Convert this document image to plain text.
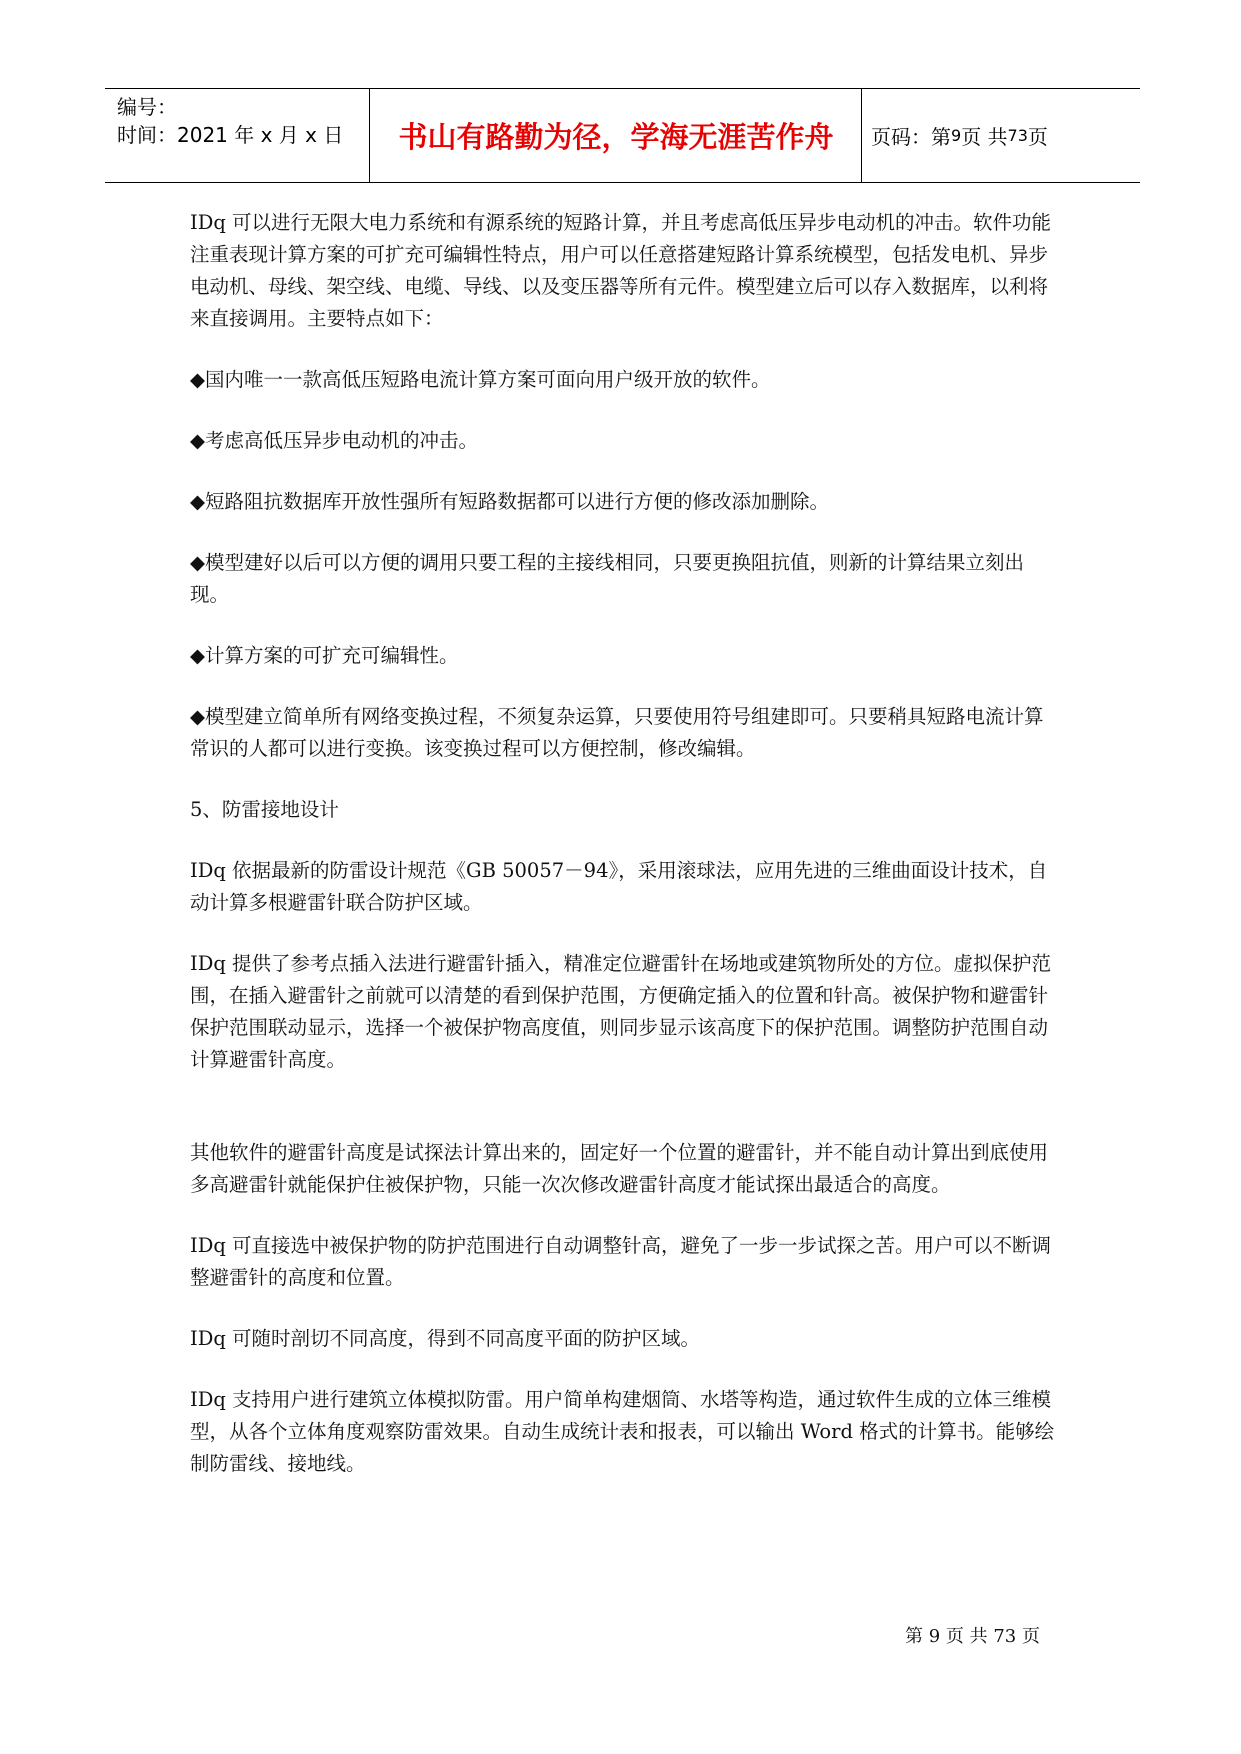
编号：
时间：2021 年 x 月 x 日	书山有路勤为径，学海无涯苦作舟	页码：第 9 页 共 73 页

IDq 可以进行无限大电力系统和有源系统的短路计算，并且考虑高低压异步电动机的冲击。软件功能注重表现计算方案的可扩充可编辑性特点，用户可以任意搭建短路计算系统模型，包括发电机、异步电动机、母线、架空线、电缆、导线、以及变压器等所有元件。模型建立后可以存入数据库，以利将来直接调用。主要特点如下：

◆国内唯一一款高低压短路电流计算方案可面向用户级开放的软件。

◆考虑高低压异步电动机的冲击。

◆短路阻抗数据库开放性强所有短路数据都可以进行方便的修改添加删除。

◆模型建好以后可以方便的调用只要工程的主接线相同，只要更换阻抗值，则新的计算结果立刻出现。

◆计算方案的可扩充可编辑性。

◆模型建立简单所有网络变换过程，不须复杂运算，只要使用符号组建即可。只要稍具短路电流计算常识的人都可以进行变换。该变换过程可以方便控制，修改编辑。

5、防雷接地设计

IDq 依据最新的防雷设计规范《GB 50057－94》，采用滚球法，应用先进的三维曲面设计技术，自动计算多根避雷针联合防护区域。

IDq 提供了参考点插入法进行避雷针插入，精准定位避雷针在场地或建筑物所处的方位。虚拟保护范围，在插入避雷针之前就可以清楚的看到保护范围，方便确定插入的位置和针高。被保护物和避雷针保护范围联动显示，选择一个被保护物高度值，则同步显示该高度下的保护范围。调整防护范围自动计算避雷针高度。

其他软件的避雷针高度是试探法计算出来的，固定好一个位置的避雷针，并不能自动计算出到底使用多高避雷针就能保护住被保护物，只能一次次修改避雷针高度才能试探出最适合的高度。

IDq 可直接选中被保护物的防护范围进行自动调整针高，避免了一步一步试探之苦。用户可以不断调整避雷针的高度和位置。

IDq 可随时剖切不同高度，得到不同高度平面的防护区域。

IDq 支持用户进行建筑立体模拟防雷。用户简单构建烟筒、水塔等构造，通过软件生成的立体三维模型，从各个立体角度观察防雷效果。自动生成统计表和报表，可以输出 Word 格式的计算书。能够绘制防雷线、接地线。

第 9 页 共 73 页
